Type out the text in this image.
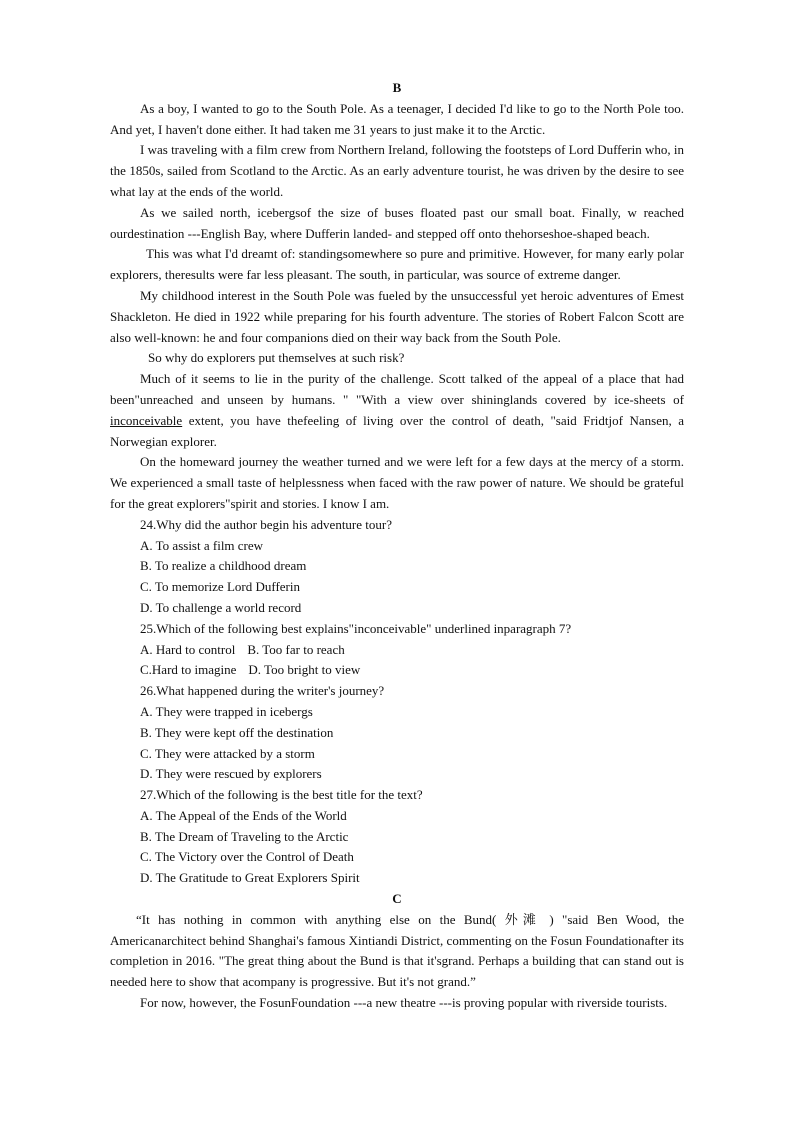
B

As a boy, I wanted to go to the South Pole. As a teenager, I decided I'd like to go to the North Pole too. And yet, I haven't done either. It had taken me 31 years to just make it to the Arctic.

I was traveling with a film crew from Northern Ireland, following the footsteps of Lord Dufferin who, in the 1850s, sailed from Scotland to the Arctic. As an early adventure tourist, he was driven by the desire to see what lay at the ends of the world.

As we sailed north, icebergsof the size of buses floated past our small boat. Finally, w reached ourdestination ---English Bay, where Dufferin landed- and stepped off onto thehorseshoe-shaped beach.

This was what I'd dreamt of: standingsomewhere so pure and primitive. However, for many early polar explorers, theresults were far less pleasant. The south, in particular, was source of extreme danger.

My childhood interest in the South Pole was fueled by the unsuccessful yet heroic adventures of Emest Shackleton. He died in 1922 while preparing for his fourth adventure. The stories of Robert Falcon Scott are also well-known: he and four companions died on their way back from the South Pole.

So why do explorers put themselves at such risk?

Much of it seems to lie in the purity of the challenge. Scott talked of the appeal of a place that had been"unreached and unseen by humans. " "With a view over shininglands covered by ice-sheets of inconceivable extent, you have thefeeling of living over the control of death, "said Fridtjof Nansen, a Norwegian explorer.

On the homeward journey the weather turned and we were left for a few days at the mercy of a storm. We experienced a small taste of helplessness when faced with the raw power of nature. We should be grateful for the great explorers"spirit and stories. I know I am.

24.Why did the author begin his adventure tour?

A. To assist a film crew

B. To realize a childhood dream

C. To memorize Lord Dufferin

D. To challenge a world record

25.Which of the following best explains"inconceivable" underlined inparagraph 7?

A. Hard to control B. Too far to reach

C.Hard to imagine D. Too bright to view

26.What happened during the writer's journey?

A. They were trapped in icebergs

B. They were kept off the destination

C. They were attacked by a storm

D. They were rescued by explorers

27.Which of the following is the best title for the text?

A. The Appeal of the Ends of the World

B. The Dream of Traveling to the Arctic

C. The Victory over the Control of Death

D. The Gratitude to Great Explorers Spirit

C

“It has nothing in common with anything else on the Bund( 外滩 ) "said Ben Wood, the Americanarchitect behind Shanghai's famous Xintiandi District, commenting on the Fosun Foundationafter its completion in 2016. "The great thing about the Bund is that it'sgrand. Perhaps a building that can stand out is needed here to show that acompany is progressive. But it's not grand.”

For now, however, the FosunFoundation ---a new theatre ---is proving popular with riverside tourists.
